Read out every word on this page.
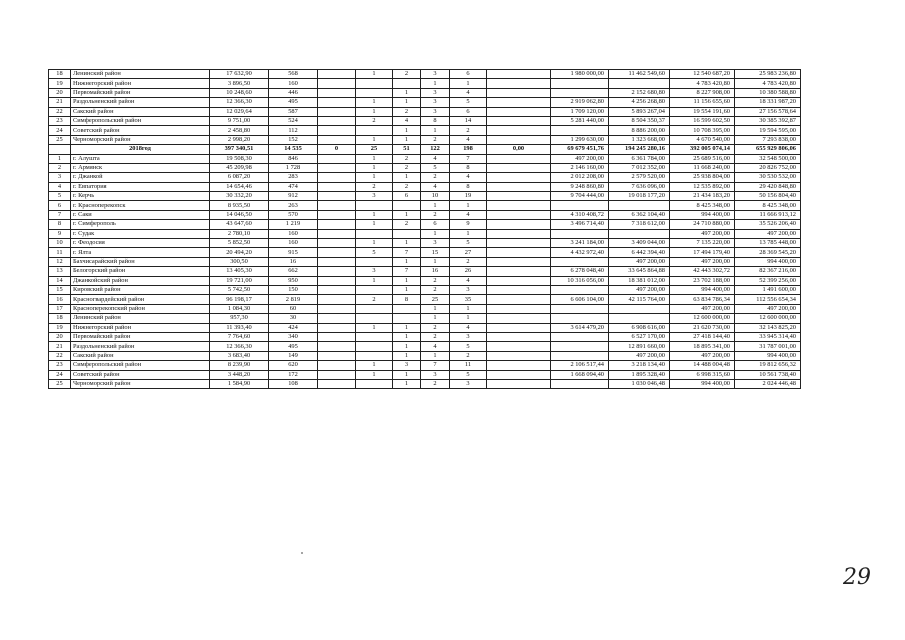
18	Ленинский район	17 632,90	568		1	2	3	6		1 980 000,00	11 462 549,60	12 540 687,20	25 983 236,80
19	Нижнегорский район	3 896,50	160				1	1				4 783 420,80	4 783 420,80
20	Первомайский район	10 248,60	446			1	3	4			2 152 680,80	8 227 908,00	10 380 588,80
21	Раздольненский район	12 366,30	495		1	1	3	5		2 919 062,80	4 256 268,80	11 156 655,60	18 331 987,20
22	Сакский район	12 029,64	587		1	2	3	6		1 709 120,00	5 893 267,04	19 554 191,60	27 156 578,64
23	Симферопольский район	9 751,00	524		2	4	8	14		5 281 440,00	8 504 350,37	16 599 602,50	30 385 392,87
24	Советский район	2 458,80	112			1	1	2			8 886 200,00	10 708 395,00	19 594 595,00
25	Черноморский район	2 998,20	152		1	1	2	4		1 299 630,00	1 323 668,00	4 670 540,00	7 293 838,00
	2018год	397 340,51	14 535	0	25	51	122	198	0,00	69 679 451,76	194 245 280,16	392 005 074,14	655 929 806,06
1	г. Алушта	19 508,30	846		1	2	4	7		497 200,00	6 361 784,00	25 689 516,00	32 548 500,00
2	г. Армянск	45 209,98	1 728		1	2	5	8		2 146 160,00	7 012 352,00	11 668 240,00	20 826 752,00
3	г. Джанкой	6 087,20	283		1	1	2	4		2 012 208,00	2 579 520,00	25 938 804,00	30 530 532,00
4	г. Евпатория	14 654,46	474		2	2	4	8		9 248 860,80	7 636 096,00	12 535 892,00	29 420 848,80
5	г. Керчь	30 332,20	912		3	6	10	19		9 704 444,00	19 018 177,20	21 434 183,20	50 156 804,40
6	г. Красноперекопск	8 935,50	263				1	1				8 425 348,00	8 425 348,00
7	г. Саки	14 046,50	570		1	1	2	4		4 310 408,72	6 362 104,40	994 400,00	11 666 913,12
8	г. Симферополь	43 647,60	1 219		1	2	6	9		3 496 714,40	7 318 612,00	24 710 880,00	35 526 206,40
9	г. Судак	2 780,10	160				1	1				497 200,00	497 200,00
10	г. Феодосия	5 852,50	160		1	1	3	5		3 241 184,00	3 409 044,00	7 135 220,00	13 785 448,00
11	г. Ялта	20 494,20	915		5	7	15	27		4 432 972,40	6 442 394,40	17 494 179,40	28 369 545,20
12	Бахчисарайский район	300,50	16			1	1	2			497 200,00	497 200,00	994 400,00
13	Белогорский район	13 405,30	662		3	7	16	26		6 278 048,40	33 645 864,88	42 443 302,72	82 367 216,00
14	Джанкойский район	19 721,00	950		1	1	2	4		10 316 056,00	18 381 012,00	23 702 188,00	52 399 256,00
15	Кировский район	5 742,50	150			1	2	3			497 200,00	994 400,00	1 491 600,00
16	Красногвардейский район	96 198,17	2 819		2	8	25	35		6 606 104,00	42 115 764,00	63 834 786,34	112 556 654,34
17	Красноперекопский район	1 084,30	60				1	1				497 200,00	497 200,00
18	Ленинский район	957,30	30				1	1				12 600 000,00	12 600 000,00
19	Нижнегорский район	11 393,40	424		1	1	2	4		3 614 479,20	6 908 616,00	21 620 730,00	32 143 825,20
20	Первомайский район	7 764,60	340			1	2	3			6 527 170,00	27 418 144,40	33 945 314,40
21	Раздольненский район	12 366,30	495			1	4	5			12 891 660,00	18 895 341,00	31 787 001,00
22	Сакский район	3 683,40	149			1	1	2			497 200,00	497 200,00	994 400,00
23	Симферопольский район	8 239,90	620		1	3	7	11		2 106 517,44	3 218 134,40	14 488 004,48	19 812 656,32
24	Советский район	3 448,20	172		1	1	3	5		1 668 094,40	1 895 328,40	6 998 315,60	10 561 738,40
25	Черноморский район	1 584,90	108			1	2	3			1 030 046,48	994 400,00	2 024 446,48
29
